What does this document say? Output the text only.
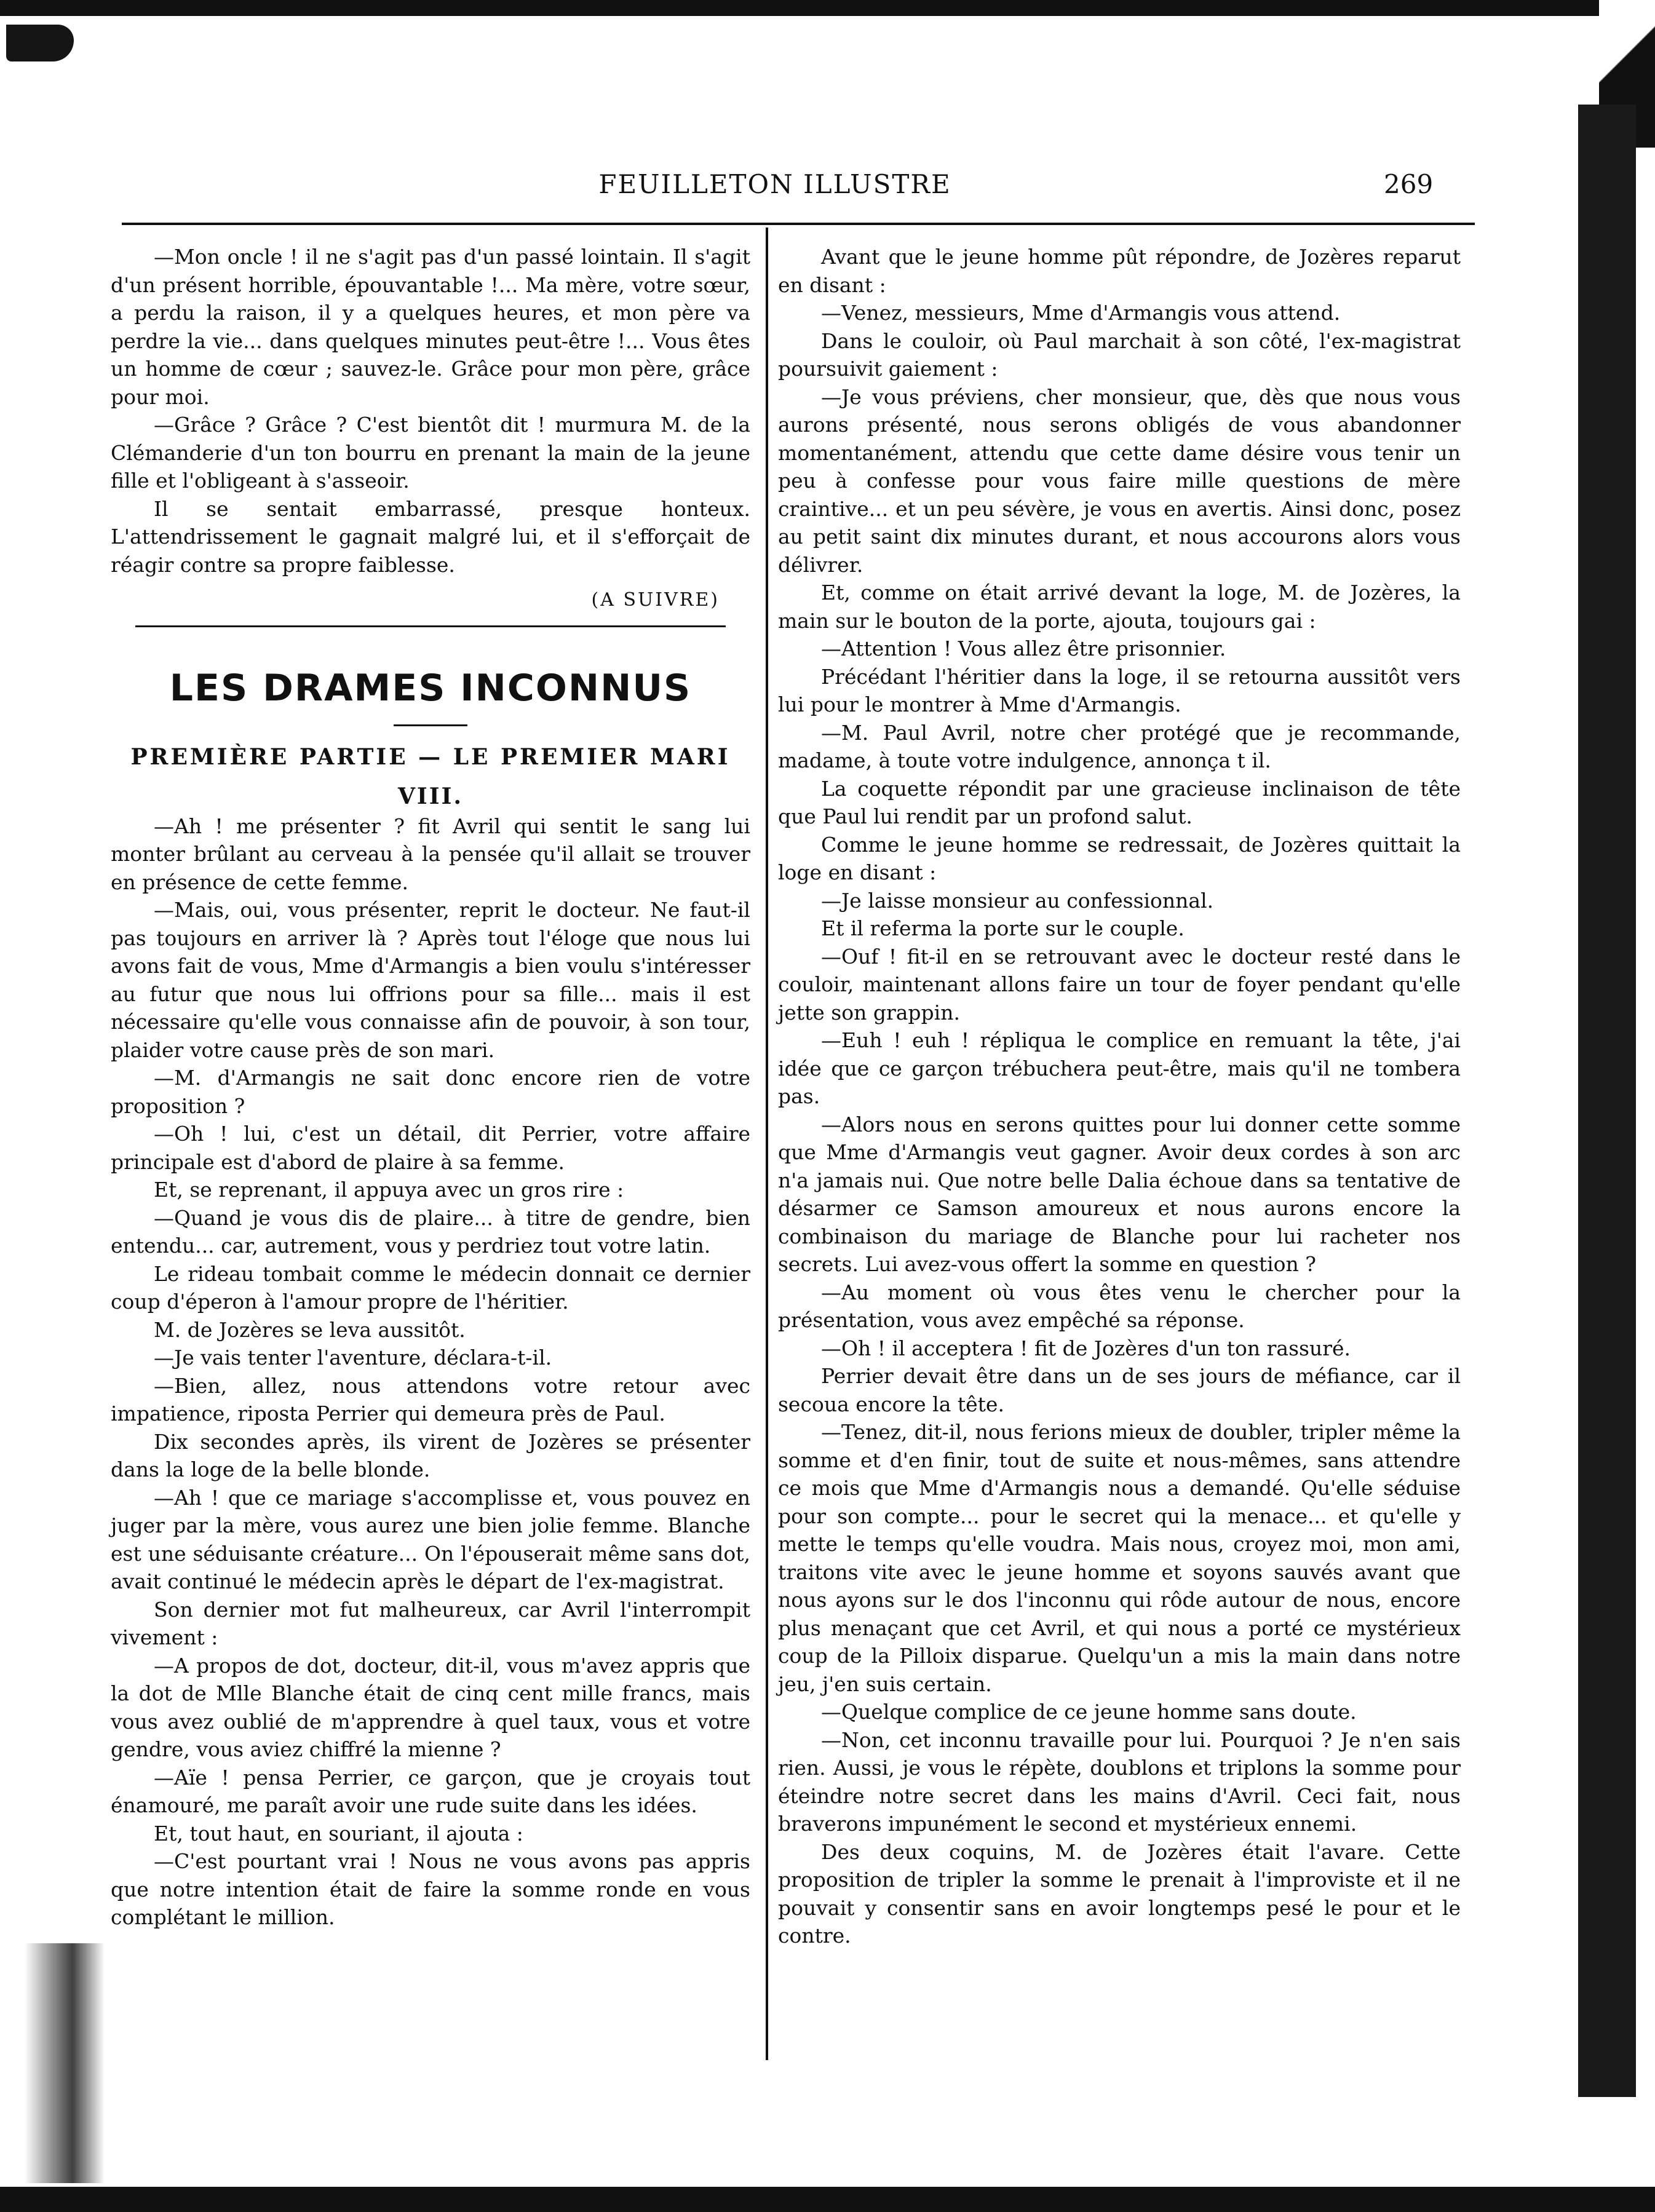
FEUILLETON ILLUSTRE	269

—Mon oncle ! il ne s'agit pas d'un passé lointain. Il s'agit d'un présent horrible, épouvantable !... Ma mère, votre sœur, a perdu la raison, il y a quelques heures, et mon père va perdre la vie... dans quelques minutes peut-être !... Vous êtes un homme de cœur ; sauvez-le. Grâce pour mon père, grâce pour moi.

—Grâce ? Grâce ? C'est bientôt dit ! murmura M. de la Clémanderie d'un ton bourru en prenant la main de la jeune fille et l'obligeant à s'asseoir.

Il se sentait embarrassé, presque honteux. L'attendrissement le gagnait malgré lui, et il s'efforçait de réagir contre sa propre faiblesse.

(A SUIVRE)

LES DRAMES INCONNUS
PREMIÈRE PARTIE — LE PREMIER MARI
VIII.

—Ah ! me présenter ? fit Avril qui sentit le sang lui monter brûlant au cerveau à la pensée qu'il allait se trouver en présence de cette femme.

—Mais, oui, vous présenter, reprit le docteur. Ne faut-il pas toujours en arriver là ? Après tout l'éloge que nous lui avons fait de vous, Mme d'Armangis a bien voulu s'intéresser au futur que nous lui offrions pour sa fille... mais il est nécessaire qu'elle vous connaisse afin de pouvoir, à son tour, plaider votre cause près de son mari.

—M. d'Armangis ne sait donc encore rien de votre proposition ?

—Oh ! lui, c'est un détail, dit Perrier, votre affaire principale est d'abord de plaire à sa femme.

Et, se reprenant, il appuya avec un gros rire :

—Quand je vous dis de plaire... à titre de gendre, bien entendu... car, autrement, vous y perdriez tout votre latin.

Le rideau tombait comme le médecin donnait ce dernier coup d'éperon à l'amour propre de l'héritier.

M. de Jozères se leva aussitôt.

—Je vais tenter l'aventure, déclara-t-il.

—Bien, allez, nous attendons votre retour avec impatience, riposta Perrier qui demeura près de Paul.

Dix secondes après, ils virent de Jozères se présenter dans la loge de la belle blonde.

—Ah ! que ce mariage s'accomplisse et, vous pouvez en juger par la mère, vous aurez une bien jolie femme. Blanche est une séduisante créature... On l'épouserait même sans dot, avait continué le médecin après le départ de l'ex-magistrat.

Son dernier mot fut malheureux, car Avril l'interrompit vivement :

—A propos de dot, docteur, dit-il, vous m'avez appris que la dot de Mlle Blanche était de cinq cent mille francs, mais vous avez oublié de m'apprendre à quel taux, vous et votre gendre, vous aviez chiffré la mienne ?

—Aïe ! pensa Perrier, ce garçon, que je croyais tout énamouré, me paraît avoir une rude suite dans les idées.

Et, tout haut, en souriant, il ajouta :

—C'est pourtant vrai ! Nous ne vous avons pas appris que notre intention était de faire la somme ronde en vous complétant le million.

Avant que le jeune homme pût répondre, de Jozères reparut en disant :

—Venez, messieurs, Mme d'Armangis vous attend.

Dans le couloir, où Paul marchait à son côté, l'ex-magistrat poursuivit gaiement :

—Je vous préviens, cher monsieur, que, dès que nous vous aurons présenté, nous serons obligés de vous abandonner momentanément, attendu que cette dame désire vous tenir un peu à confesse pour vous faire mille questions de mère craintive... et un peu sévère, je vous en avertis. Ainsi donc, posez au petit saint dix minutes durant, et nous accourons alors vous délivrer.

Et, comme on était arrivé devant la loge, M. de Jozères, la main sur le bouton de la porte, ajouta, toujours gai :

—Attention ! Vous allez être prisonnier.

Précédant l'héritier dans la loge, il se retourna aussitôt vers lui pour le montrer à Mme d'Armangis.

—M. Paul Avril, notre cher protégé que je recommande, madame, à toute votre indulgence, annonça t il.

La coquette répondit par une gracieuse inclinaison de tête que Paul lui rendit par un profond salut.

Comme le jeune homme se redressait, de Jozères quittait la loge en disant :

—Je laisse monsieur au confessionnal.

Et il referma la porte sur le couple.

—Ouf ! fit-il en se retrouvant avec le docteur resté dans le couloir, maintenant allons faire un tour de foyer pendant qu'elle jette son grappin.

—Euh ! euh ! répliqua le complice en remuant la tête, j'ai idée que ce garçon trébuchera peut-être, mais qu'il ne tombera pas.

—Alors nous en serons quittes pour lui donner cette somme que Mme d'Armangis veut gagner. Avoir deux cordes à son arc n'a jamais nui. Que notre belle Dalia échoue dans sa tentative de désarmer ce Samson amoureux et nous aurons encore la combinaison du mariage de Blanche pour lui racheter nos secrets. Lui avez-vous offert la somme en question ?

—Au moment où vous êtes venu le chercher pour la présentation, vous avez empêché sa réponse.

—Oh ! il acceptera ! fit de Jozères d'un ton rassuré.

Perrier devait être dans un de ses jours de méfiance, car il secoua encore la tête.

—Tenez, dit-il, nous ferions mieux de doubler, tripler même la somme et d'en finir, tout de suite et nous-mêmes, sans attendre ce mois que Mme d'Armangis nous a demandé. Qu'elle séduise pour son compte... pour le secret qui la menace... et qu'elle y mette le temps qu'elle voudra. Mais nous, croyez moi, mon ami, traitons vite avec le jeune homme et soyons sauvés avant que nous ayons sur le dos l'inconnu qui rôde autour de nous, encore plus menaçant que cet Avril, et qui nous a porté ce mystérieux coup de la Pilloix disparue. Quelqu'un a mis la main dans notre jeu, j'en suis certain.

—Quelque complice de ce jeune homme sans doute.

—Non, cet inconnu travaille pour lui. Pourquoi ? Je n'en sais rien. Aussi, je vous le répète, doublons et triplons la somme pour éteindre notre secret dans les mains d'Avril. Ceci fait, nous braverons impunément le second et mystérieux ennemi.

Des deux coquins, M. de Jozères était l'avare. Cette proposition de tripler la somme le prenait à l'improviste et il ne pouvait y consentir sans en avoir longtemps pesé le pour et le contre.
